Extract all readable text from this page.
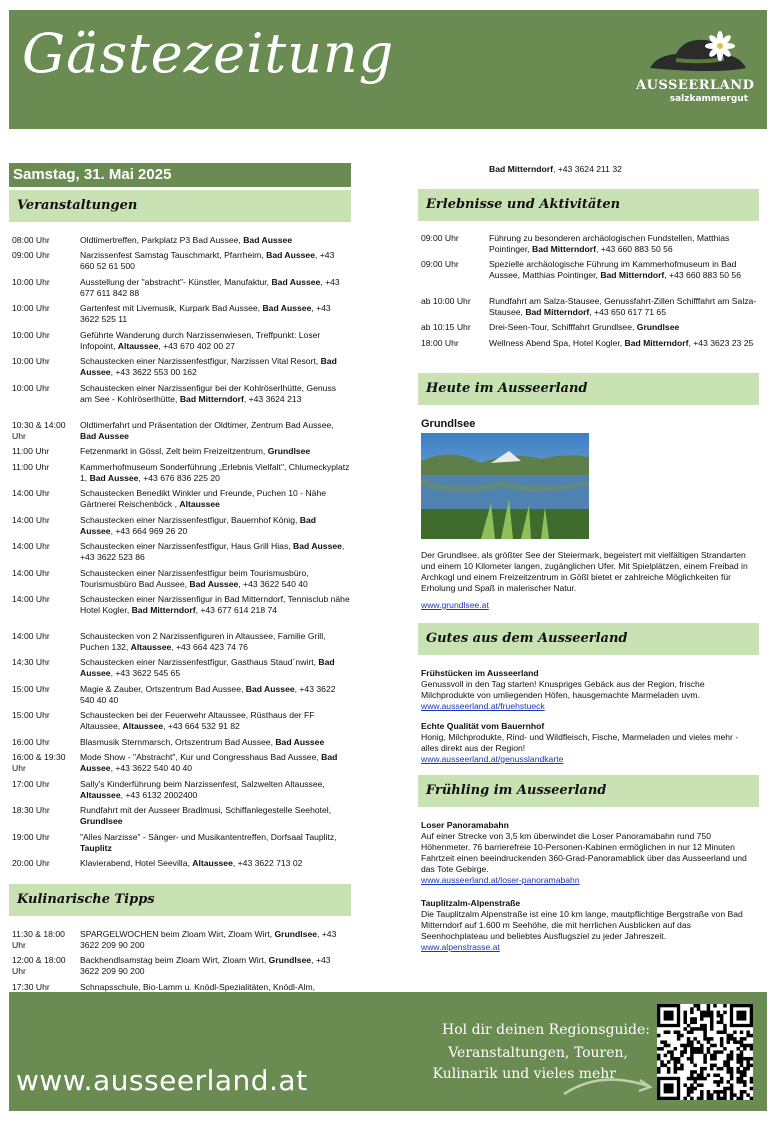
Gästezeitung
AUSSEERLAND
salzkammergut
Samstag, 31. Mai 2025
Veranstaltungen
08:00 Uhr	Oldtimertreffen, Parkplatz P3 Bad Aussee, Bad Aussee
09:00 Uhr	Narzissenfest Samstag Tauschmarkt, Pfarrheim, Bad Aussee, +43 660 52 61 500
10:00 Uhr	Ausstellung der "abstracht"- Künstler, Manufaktur, Bad Aussee, +43 677 611 842 88
10:00 Uhr	Gartenfest mit Livemusik, Kurpark Bad Aussee, Bad Aussee, +43 3622 525 11
10:00 Uhr	Geführte Wanderung durch Narzissenwiesen, Treffpunkt: Loser Infopoint, Altaussee, +43 670 402 00 27
10:00 Uhr	Schaustecken einer Narzissenfestfigur, Narzissen Vital Resort, Bad Aussee, +43 3622 553 00 162
10:00 Uhr	Schaustecken einer Narzissenfigur bei der Kohlröserlhütte, Genuss am See - Kohlröserlhütte, Bad Mitterndorf, +43 3624 213
10:30 & 14:00 Uhr
Oldtimerfahrt und Präsentation der Oldtimer, Zentrum Bad Aussee, Bad Aussee
11:00 Uhr	Fetzenmarkt in Gössl, Zelt beim Freizeitzentrum, Grundlsee
11:00 Uhr	Kammerhofmuseum Sonderführung „Erlebnis Vielfalt", Chlumeckyplatz 1, Bad Aussee, +43 676 836 225 20
14:00 Uhr	Schaustecken Benedikt Winkler und Freunde, Puchen 10 - Nähe Gärtnerei Reischenböck , Altaussee
14:00 Uhr	Schaustecken einer Narzissenfestfigur, Bauernhof König, Bad Aussee, +43 664 969 26 20
14:00 Uhr	Schaustecken einer Narzissenfestfigur, Haus Grill Hias, Bad Aussee, +43 3622 523 86
14:00 Uhr	Schaustecken einer Narzissenfestfigur beim Tourismusbüro, Tourismusbüro Bad Aussee, Bad Aussee, +43 3622 540 40
14:00 Uhr	Schaustecken einer Narzissenfigur in Bad Mitterndorf, Tennisclub nähe Hotel Kogler, Bad Mitterndorf, +43 677 614 218 74
14:00 Uhr	Schaustecken von 2 Narzissenfiguren in Altaussee, Familie Grill, Puchen 132, Altaussee, +43 664 423 74 76
14:30 Uhr	Schaustecken einer Narzissenfestfigur, Gasthaus Staud´nwirt, Bad Aussee, +43 3622 545 65
15:00 Uhr	Magie & Zauber, Ortszentrum Bad Aussee, Bad Aussee, +43 3622 540 40 40
15:00 Uhr	Schaustecken bei der Feuerwehr Altaussee, Rüsthaus der FF Altaussee, Altaussee, +43 664 532 91 82
16:00 Uhr	Blasmusik Sternmarsch, Ortszentrum Bad Aussee, Bad Aussee
16:00 & 19:30 Uhr
Mode Show - "Abstracht", Kur und Congresshaus Bad Aussee, Bad Aussee, +43 3622 540 40 40
17:00 Uhr	Sally's Kinderführung beim Narzissenfest, Salzwelten Altaussee, Altaussee, +43 6132 2002400
18:30 Uhr	Rundfahrt mit der Ausseer Bradlmusi, Schiffanlegestelle Seehotel, Grundlsee
19:00 Uhr	"Alles Narzisse" - Sänger- und Musikantentreffen, Dorfsaal Tauplitz, Tauplitz
20:00 Uhr	Klavierabend, Hotel Seevilla, Altaussee, +43 3622 713 02
Kulinarische Tipps
11:30 & 18:00 Uhr
SPARGELWOCHEN beim Zloam Wirt, Zloam Wirt, Grundlsee, +43 3622 209 90 200
12:00 & 18:00 Uhr
Backhendlsamstag beim Zloam Wirt, Zloam Wirt, Grundlsee, +43 3622 209 90 200
17:30 Uhr	Schnapsschule, Bio-Lamm u. Knödl-Spezialitäten, Knödl-Alm,
Bad Mitterndorf, +43 3624 211 32
Erlebnisse und Aktivitäten
09:00 Uhr	Führung zu besonderen archäologischen Fundstellen, Matthias Pointinger, Bad Mitterndorf, +43 660 883 50 56
09:00 Uhr	Spezielle archäologische Führung im Kammerhofmuseum in Bad Aussee, Matthias Pointinger, Bad Mitterndorf, +43 660 883 50 56
ab 10:00 Uhr	Rundfahrt am Salza-Stausee, Genussfahrt-Zillen Schifffahrt am Salza-Stausee, Bad Mitterndorf, +43 650 617 71 65
ab 10:15 Uhr	Drei-Seen-Tour, Schifffahrt Grundlsee, Grundlsee
18:00 Uhr	Wellness Abend Spa, Hotel Kogler, Bad Mitterndorf, +43 3623 23 25
Heute im Ausseerland
Grundlsee
Der Grundlsee, als größter See der Steiermark, begeistert mit vielfältigen Strandarten und einem 10 Kilometer langen, zugänglichen Ufer. Mit Spielplätzen, einem Freibad in Archkogl und einem Freizeitzentrum in Gößl bietet er zahlreiche Möglichkeiten für Erholung und Spaß in malerischer Natur.
www.grundlsee.at
Gutes aus dem Ausseerland
Frühstücken im Ausseerland
Genussvoll in den Tag starten! Knuspriges Gebäck aus der Region, frische Milchprodukte von umliegenden Höfen, hausgemachte Marmeladen uvm.
www.ausseerland.at/fruehstueck
Echte Qualität vom Bauernhof
Honig, Milchprodukte, Rind- und Wildfleisch, Fische, Marmeladen und vieles mehr - alles direkt aus der Region!
www.ausseerland.at/genusslandkarte
Frühling im Ausseerland
Loser Panoramabahn
Auf einer Strecke von 3,5 km überwindet die Loser Panoramabahn rund 750 Höhenmeter. 76 barrierefreie 10-Personen-Kabinen ermöglichen in nur 12 Minuten Fahrtzeit einen beeindruckenden 360-Grad-Panoramablick über das Ausseerland und das Tote Gebirge.
www.ausseerland.at/loser-panoramabahn
Tauplitzalm-Alpenstraße
Die Tauplitzalm Alpenstraße ist eine 10 km lange, mautpflichtige Bergstraße von Bad Mitterndorf auf 1.600 m Seehöhe, die mit herrlichen Ausblicken auf das Seenhochplateau und beliebtes Ausflugsziel zu jeder Jahreszeit.
www.alpenstrasse.at
www.ausseerland.at
Hol dir deinen Regionsguide:
Veranstaltungen, Touren,
Kulinarik und vieles mehr
